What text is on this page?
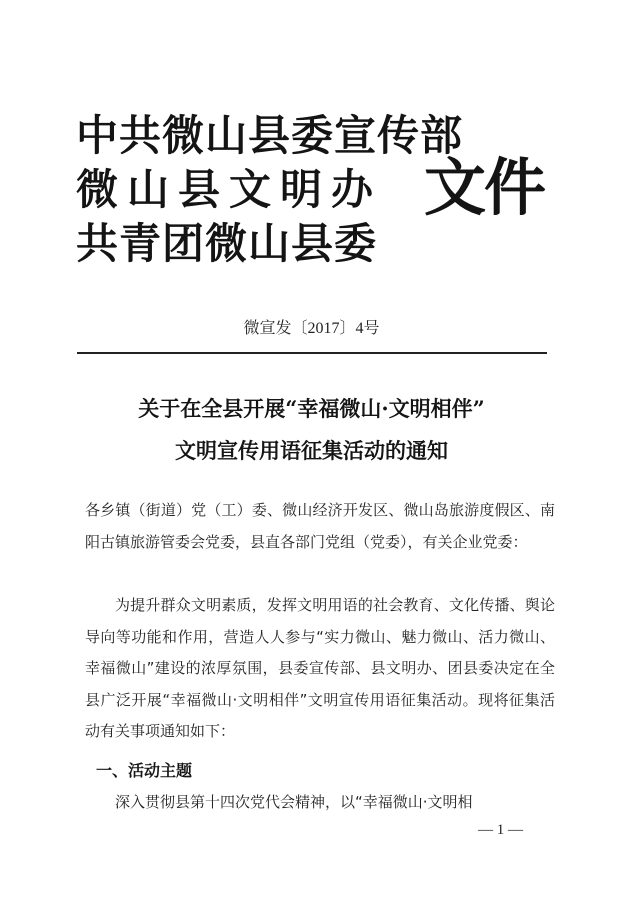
中共微山县委宣传部
微山县文明办
共青团微山县委
文件
微宣发〔2017〕4号
关于在全县开展“幸福微山·文明相伴”
文明宣传用语征集活动的通知
各乡镇（街道）党（工）委、微山经济开发区、微山岛旅游度假区、南阳古镇旅游管委会党委，县直各部门党组（党委），有关企业党委：

为提升群众文明素质，发挥文明用语的社会教育、文化传播、舆论导向等功能和作用，营造人人参与“实力微山、魅力微山、活力微山、幸福微山”建设的浓厚氛围，县委宣传部、县文明办、团县委决定在全县广泛开展“幸福微山·文明相伴”文明宣传用语征集活动。现将征集活动有关事项通知如下：

一、活动主题
深入贯彻县第十四次党代会精神，以“幸福微山·文明相
— 1 —
